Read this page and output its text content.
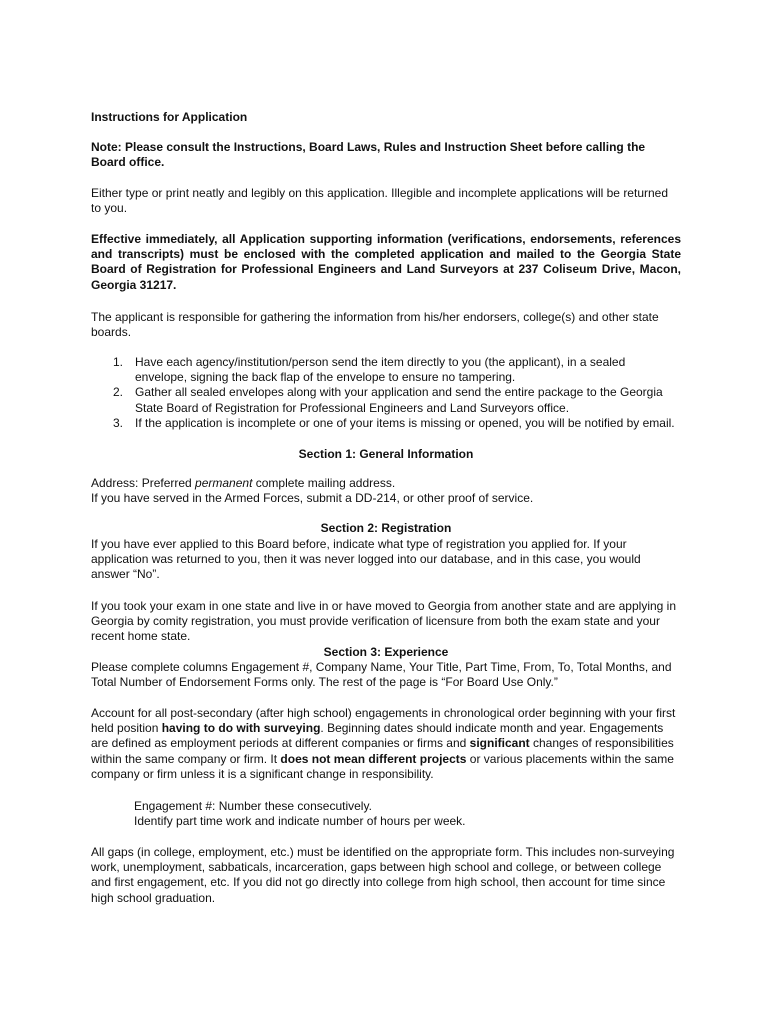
Instructions for Application

Note: Please consult the Instructions, Board Laws, Rules and Instruction Sheet before calling the Board office.

Either type or print neatly and legibly on this application. Illegible and incomplete applications will be returned to you.

Effective immediately, all Application supporting information (verifications, endorsements, references and transcripts) must be enclosed with the completed application and mailed to the Georgia State Board of Registration for Professional Engineers and Land Surveyors at 237 Coliseum Drive, Macon, Georgia 31217.

The applicant is responsible for gathering the information from his/her endorsers, college(s) and other state boards.

1. Have each agency/institution/person send the item directly to you (the applicant), in a sealed envelope, signing the back flap of the envelope to ensure no tampering.
2. Gather all sealed envelopes along with your application and send the entire package to the Georgia State Board of Registration for Professional Engineers and Land Surveyors office.
3. If the application is incomplete or one of your items is missing or opened, you will be notified by email.

Section 1: General Information

Address: Preferred permanent complete mailing address.

If you have served in the Armed Forces, submit a DD-214, or other proof of service.

Section 2: Registration

If you have ever applied to this Board before, indicate what type of registration you applied for. If your application was returned to you, then it was never logged into our database, and in this case, you would answer “No”.

If you took your exam in one state and live in or have moved to Georgia from another state and are applying in Georgia by comity registration, you must provide verification of licensure from both the exam state and your recent home state.

Section 3: Experience

Please complete columns Engagement #, Company Name, Your Title, Part Time, From, To, Total Months, and Total Number of Endorsement Forms only. The rest of the page is “For Board Use Only.”

Account for all post-secondary (after high school) engagements in chronological order beginning with your first held position having to do with surveying. Beginning dates should indicate month and year. Engagements are defined as employment periods at different companies or firms and significant changes of responsibilities within the same company or firm. It does not mean different projects or various placements within the same company or firm unless it is a significant change in responsibility.

Engagement #: Number these consecutively.

Identify part time work and indicate number of hours per week.

All gaps (in college, employment, etc.) must be identified on the appropriate form. This includes non-surveying work, unemployment, sabbaticals, incarceration, gaps between high school and college, or between college and first engagement, etc. If you did not go directly into college from high school, then account for time since high school graduation.
